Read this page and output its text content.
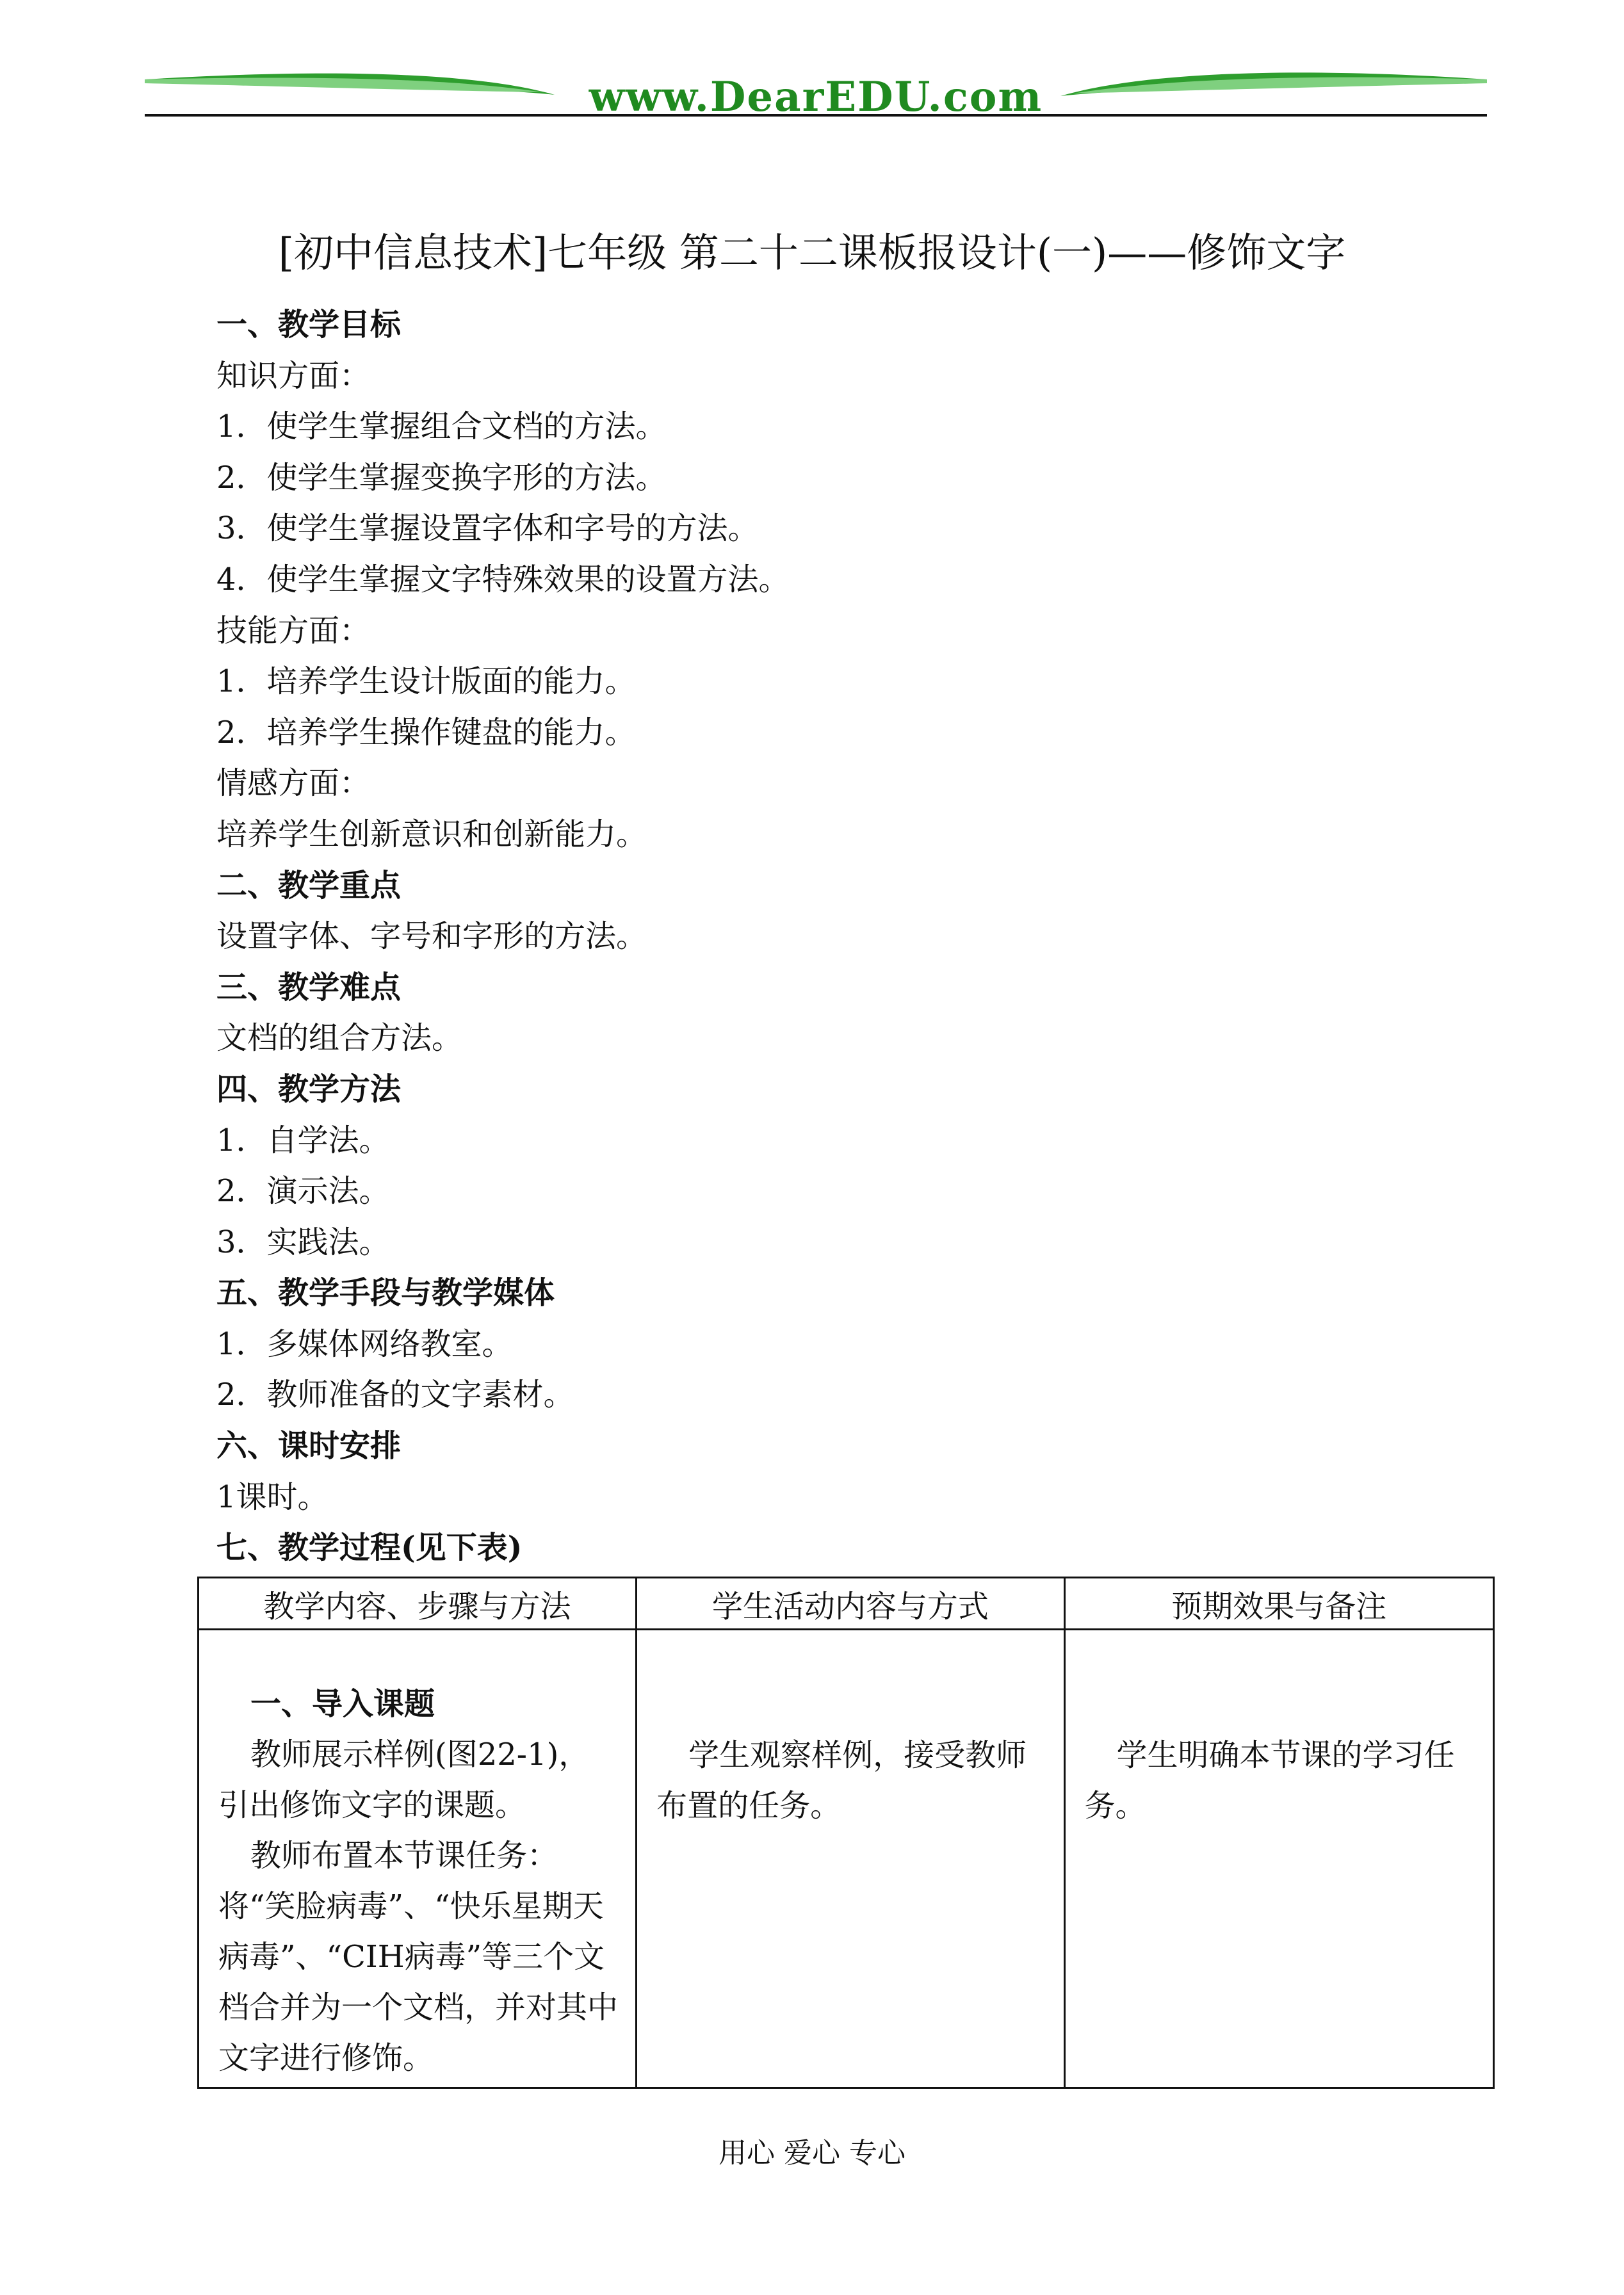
www.DearEDU.com
[初中信息技术]七年级 第二十二课板报设计(一)——修饰文字
一、教学目标
知识方面：
1．使学生掌握组合文档的方法。
2．使学生掌握变换字形的方法。
3．使学生掌握设置字体和字号的方法。
4．使学生掌握文字特殊效果的设置方法。
技能方面：
1．培养学生设计版面的能力。
2．培养学生操作键盘的能力。
情感方面：
培养学生创新意识和创新能力。
二、教学重点
设置字体、字号和字形的方法。
三、教学难点
文档的组合方法。
四、教学方法
1．自学法。
2．演示法。
3．实践法。
五、教学手段与教学媒体
1．多媒体网络教室。
2．教师准备的文字素材。
六、课时安排
1课时。
七、教学过程(见下表)
教学内容、步骤与方法	学生活动内容与方式	预期效果与备注

一、导入课题
教师展示样例(图22-1)，引出修饰文字的课题。
教师布置本节课任务：将“笑脸病毒”、“快乐星期天病毒”、“CIH病毒”等三个文档合并为一个文档，并对其中文字进行修饰。	学生观察样例，接受教师布置的任务。	学生明确本节课的学习任务。
用心 爱心 专心
